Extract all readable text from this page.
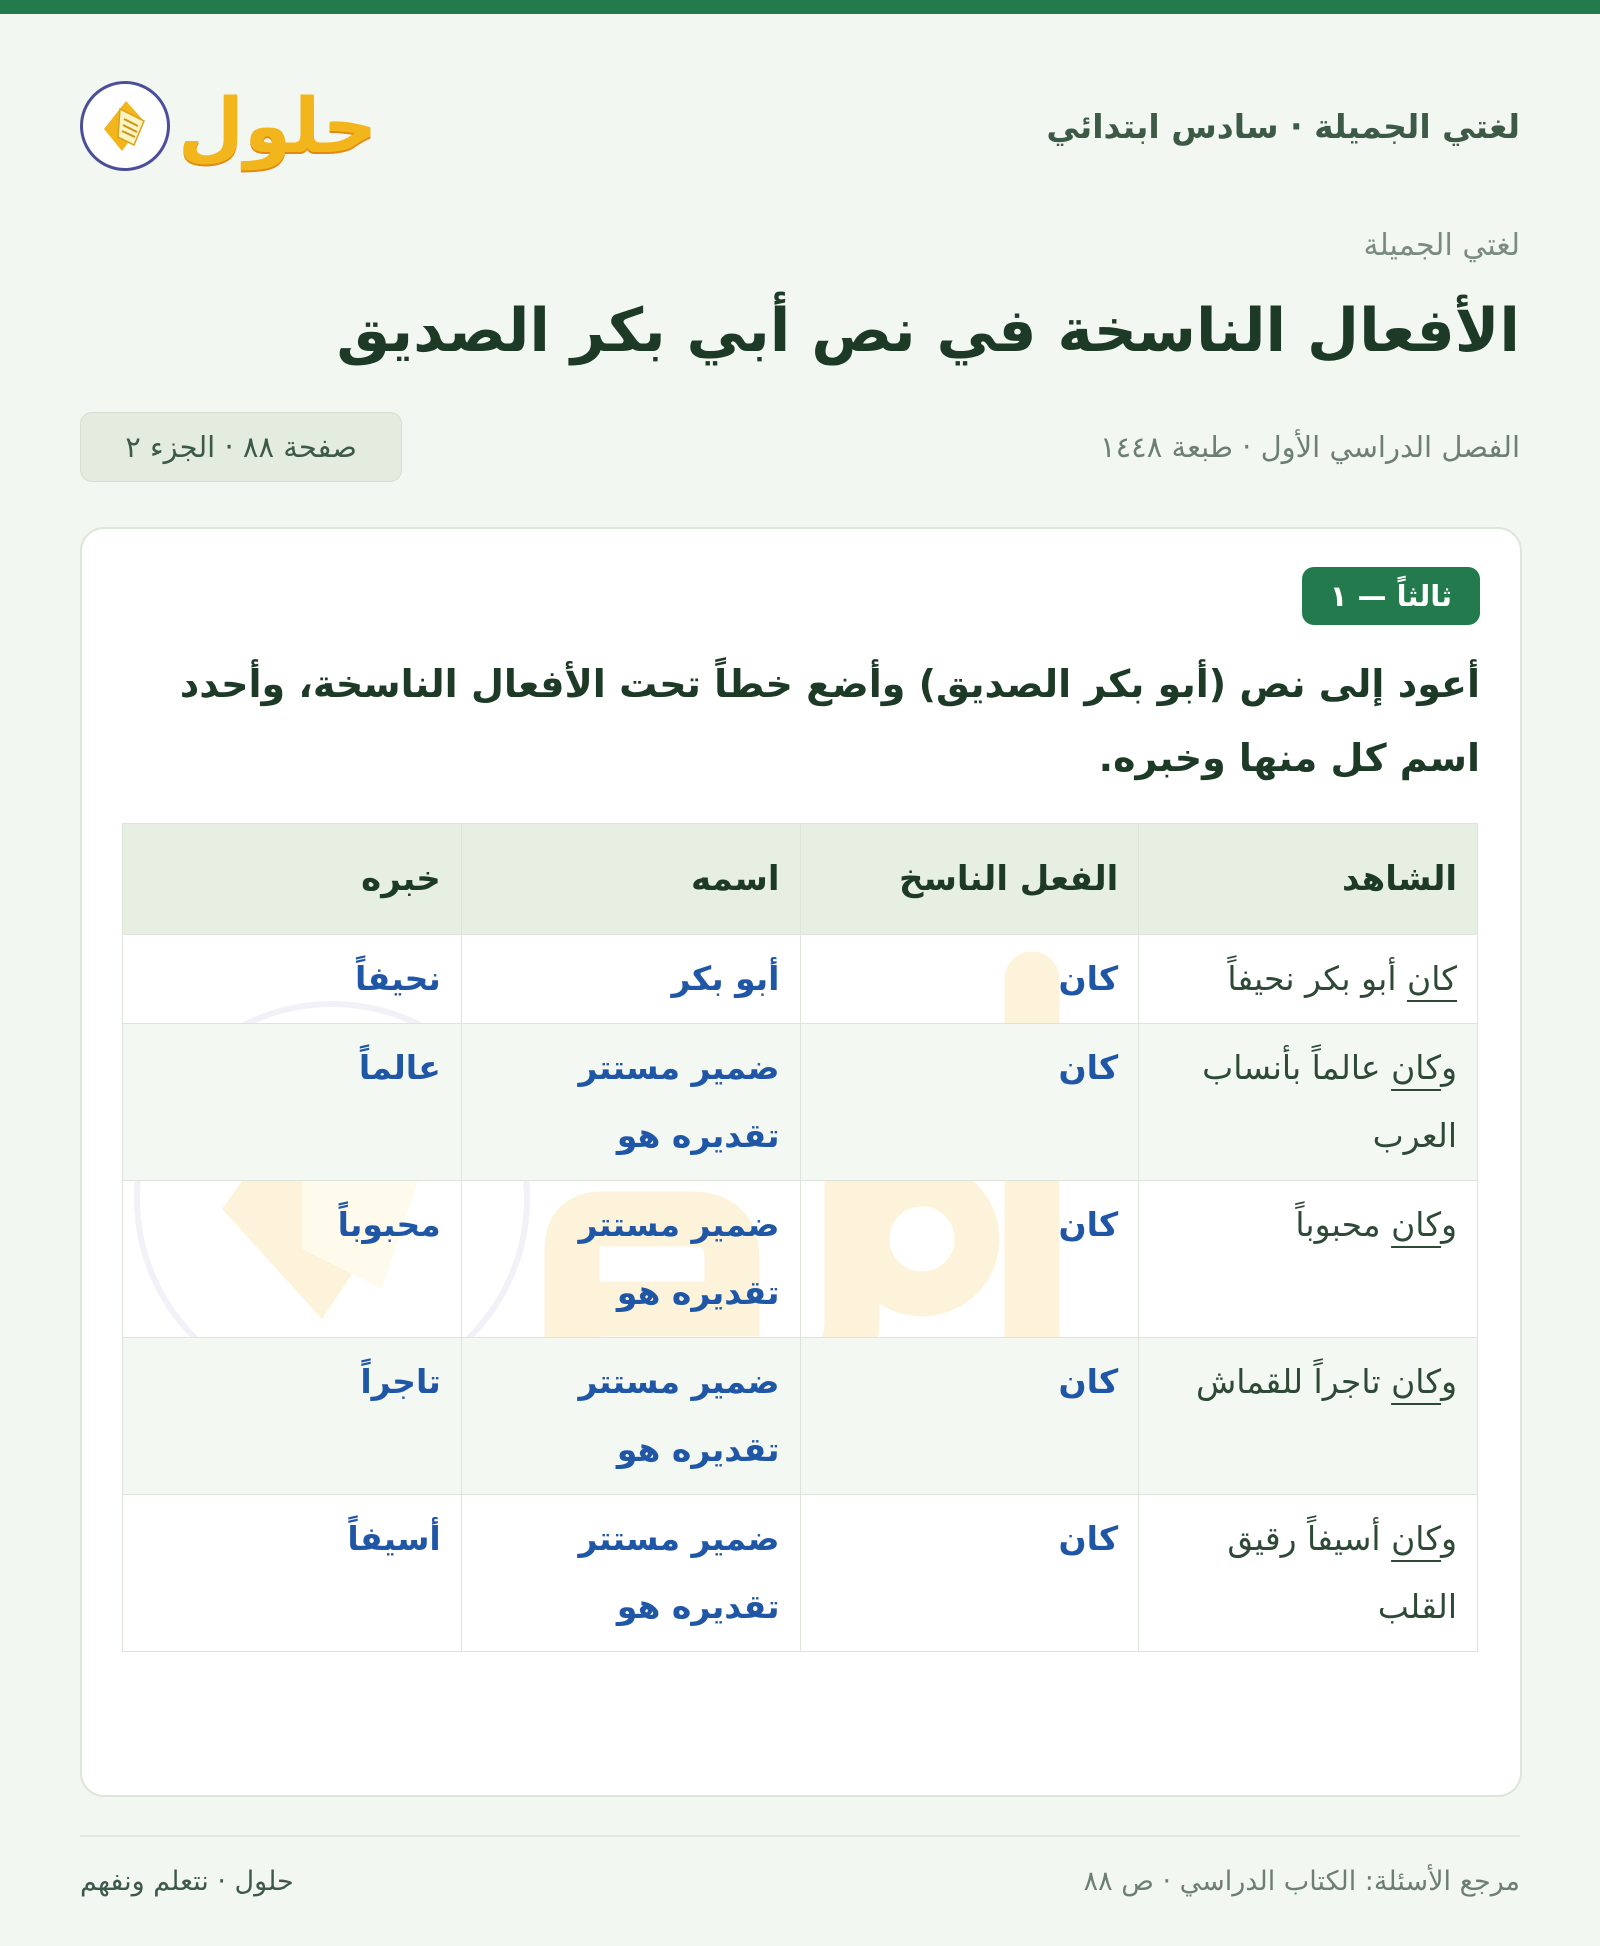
لغتي الجميلة · سادس ابتدائي
حلول
لغتي الجميلة
الأفعال الناسخة في نص أبي بكر الصديق
الفصل الدراسي الأول · طبعة ١٤٤٨
صفحة ٨٨ · الجزء ٢
ثالثاً — ١

أعود إلى نص (أبو بكر الصديق) وأضع خطاً تحت الأفعال الناسخة، وأحدد اسم كل منها وخبره.

الشاهد	الفعل الناسخ	اسمه	خبره
كان أبو بكر نحيفاً	كان	أبو بكر	نحيفاً
وكان عالماً بأنساب العرب	كان	ضمير مستتر تقديره هو	عالماً
وكان محبوباً	كان	ضمير مستتر تقديره هو	محبوباً
وكان تاجراً للقماش	كان	ضمير مستتر تقديره هو	تاجراً
وكان أسيفاً رقيق القلب	كان	ضمير مستتر تقديره هو	أسيفاً
مرجع الأسئلة: الكتاب الدراسي · ص ٨٨
حلول · نتعلم ونفهم
